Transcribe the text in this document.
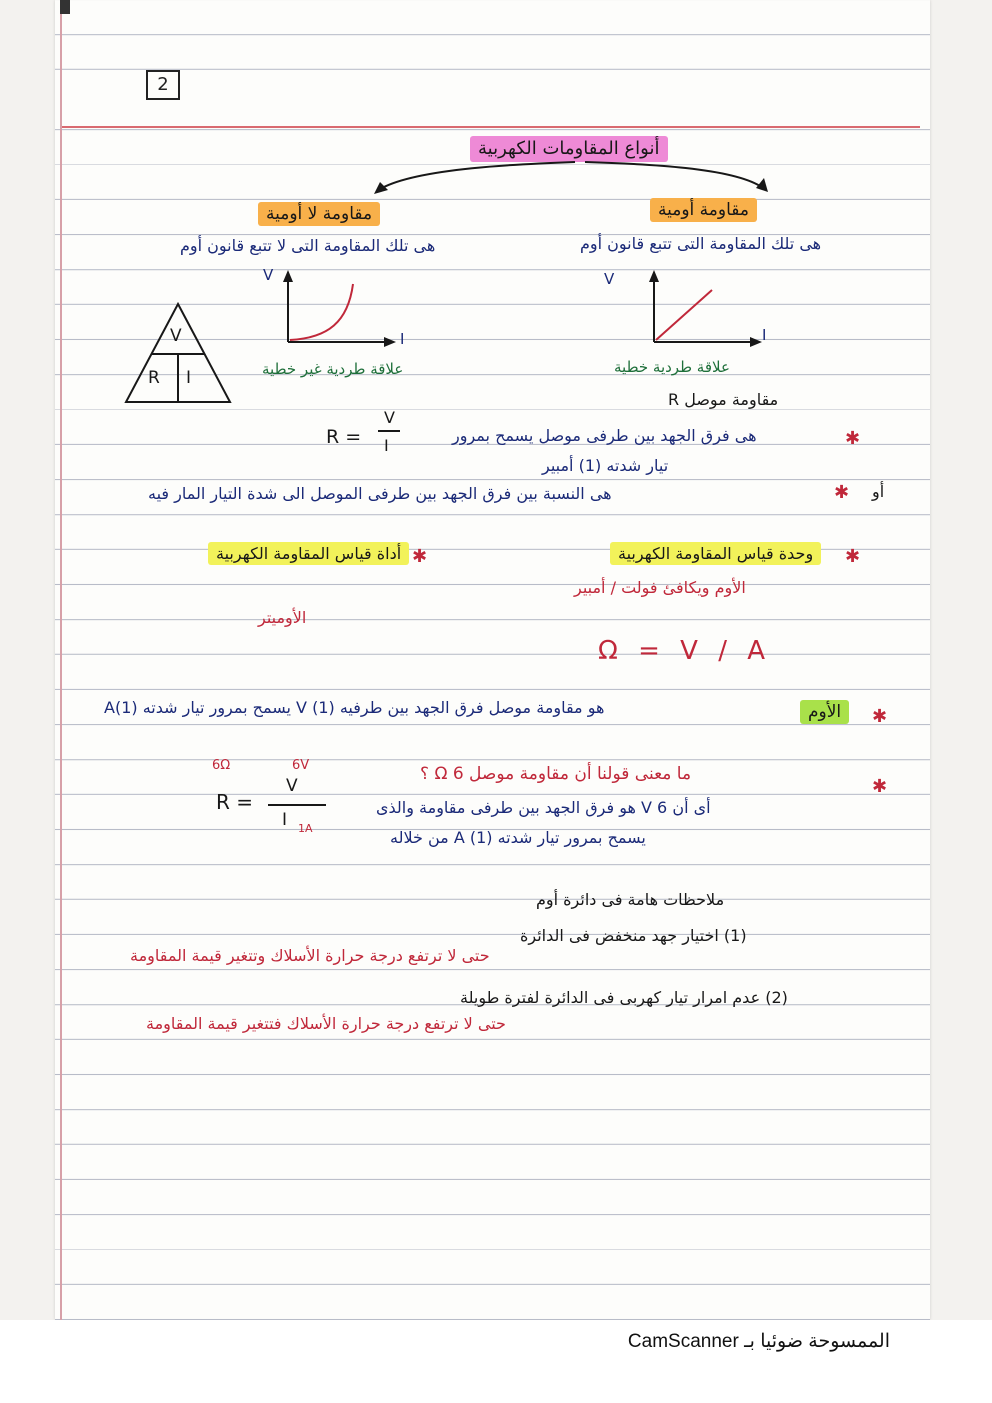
2
أنواع المقاومات الكهربية
مقاومة لا أومية
هى تلك المقاومة التى لا تتبع قانون أوم
مقاومة أومية
هى تلك المقاومة التى تتبع قانون أوم
V
I
علاقة طردية غير خطية
V
I
علاقة طردية خطية
V
R I
مقاومة موصل R
R =
V
I	✱
هى فرق الجهد بين طرفى موصل يسمح بمرور
تيار شدته (1) أمبير
أو
✱
هى النسبة بين فرق الجهد بين طرفى الموصل الى شدة التيار المار فيه
✱
وحدة قياس المقاومة الكهربية
الأوم ويكافئ فولت / أمبير
Ω = V / A
✱
أداة قياس المقاومة الكهربية
الأوميتر
✱
الأوم
هو مقاومة موصل فرق الجهد بين طرفيه V (1) يسمح بمرور تيار شدته A(1)
6Ω	6V
✱
ما معنى قولنا أن مقاومة موصل Ω 6 ؟
R =
V
I 1A
أى أن V 6 هو فرق الجهد بين طرفى مقاومة والذى
يسمح بمرور تيار شدته A (1) من خلاله
ملاحظات هامة فى دائرة أوم
(1) اختيار جهد منخفض فى الدائرة
حتى لا ترتفع درجة حرارة الأسلاك وتتغير قيمة المقاومة
(2) عدم امرار تيار كهربى فى الدائرة لفترة طويلة
حتى لا ترتفع درجة حرارة الأسلاك فتتغير قيمة المقاومة
الممسوحة ضوئيا بـ CamScanner
